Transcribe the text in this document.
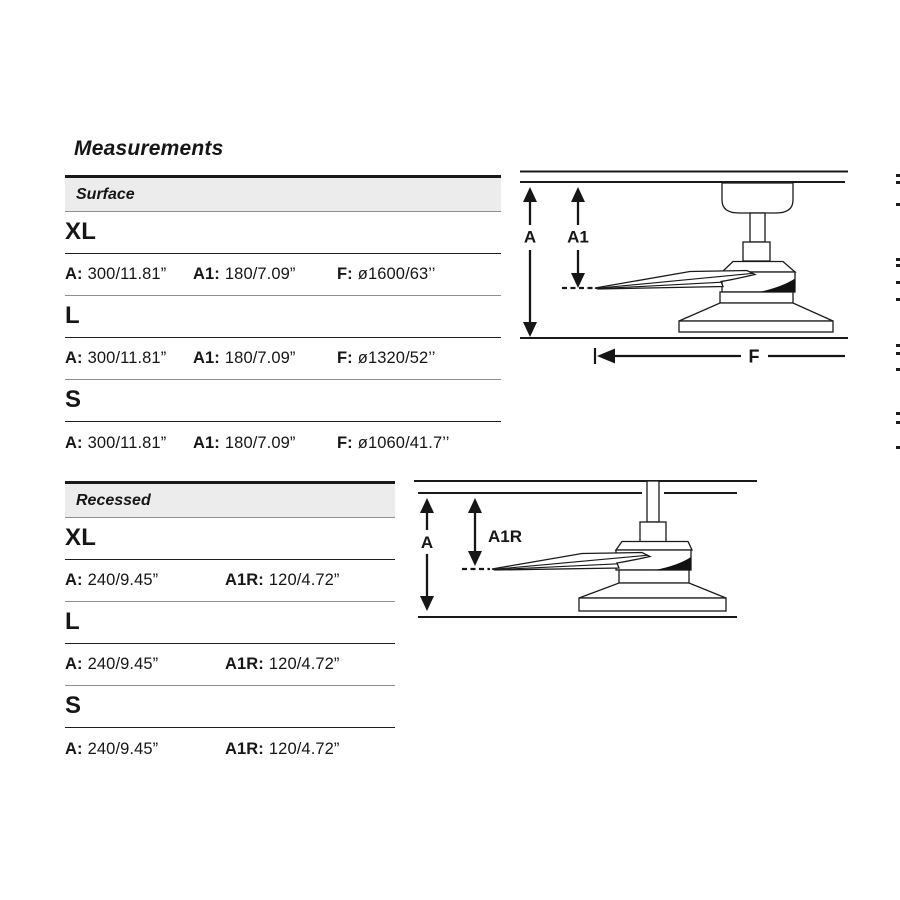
Measurements
Surface
XL
A: 300/11.81” A1: 180/7.09”	F: ø1600/63’’
L
A: 300/11.81” A1: 180/7.09”	F: ø1320/52’’
S
A: 300/11.81” A1: 180/7.09”	F: ø1060/41.7’’
A A1
F
Recessed
XL
A: 240/9.45”	A1R: 120/4.72”
L
A: 240/9.45”	A1R: 120/4.72”
S
A: 240/9.45”	A1R: 120/4.72”
A	A1R
